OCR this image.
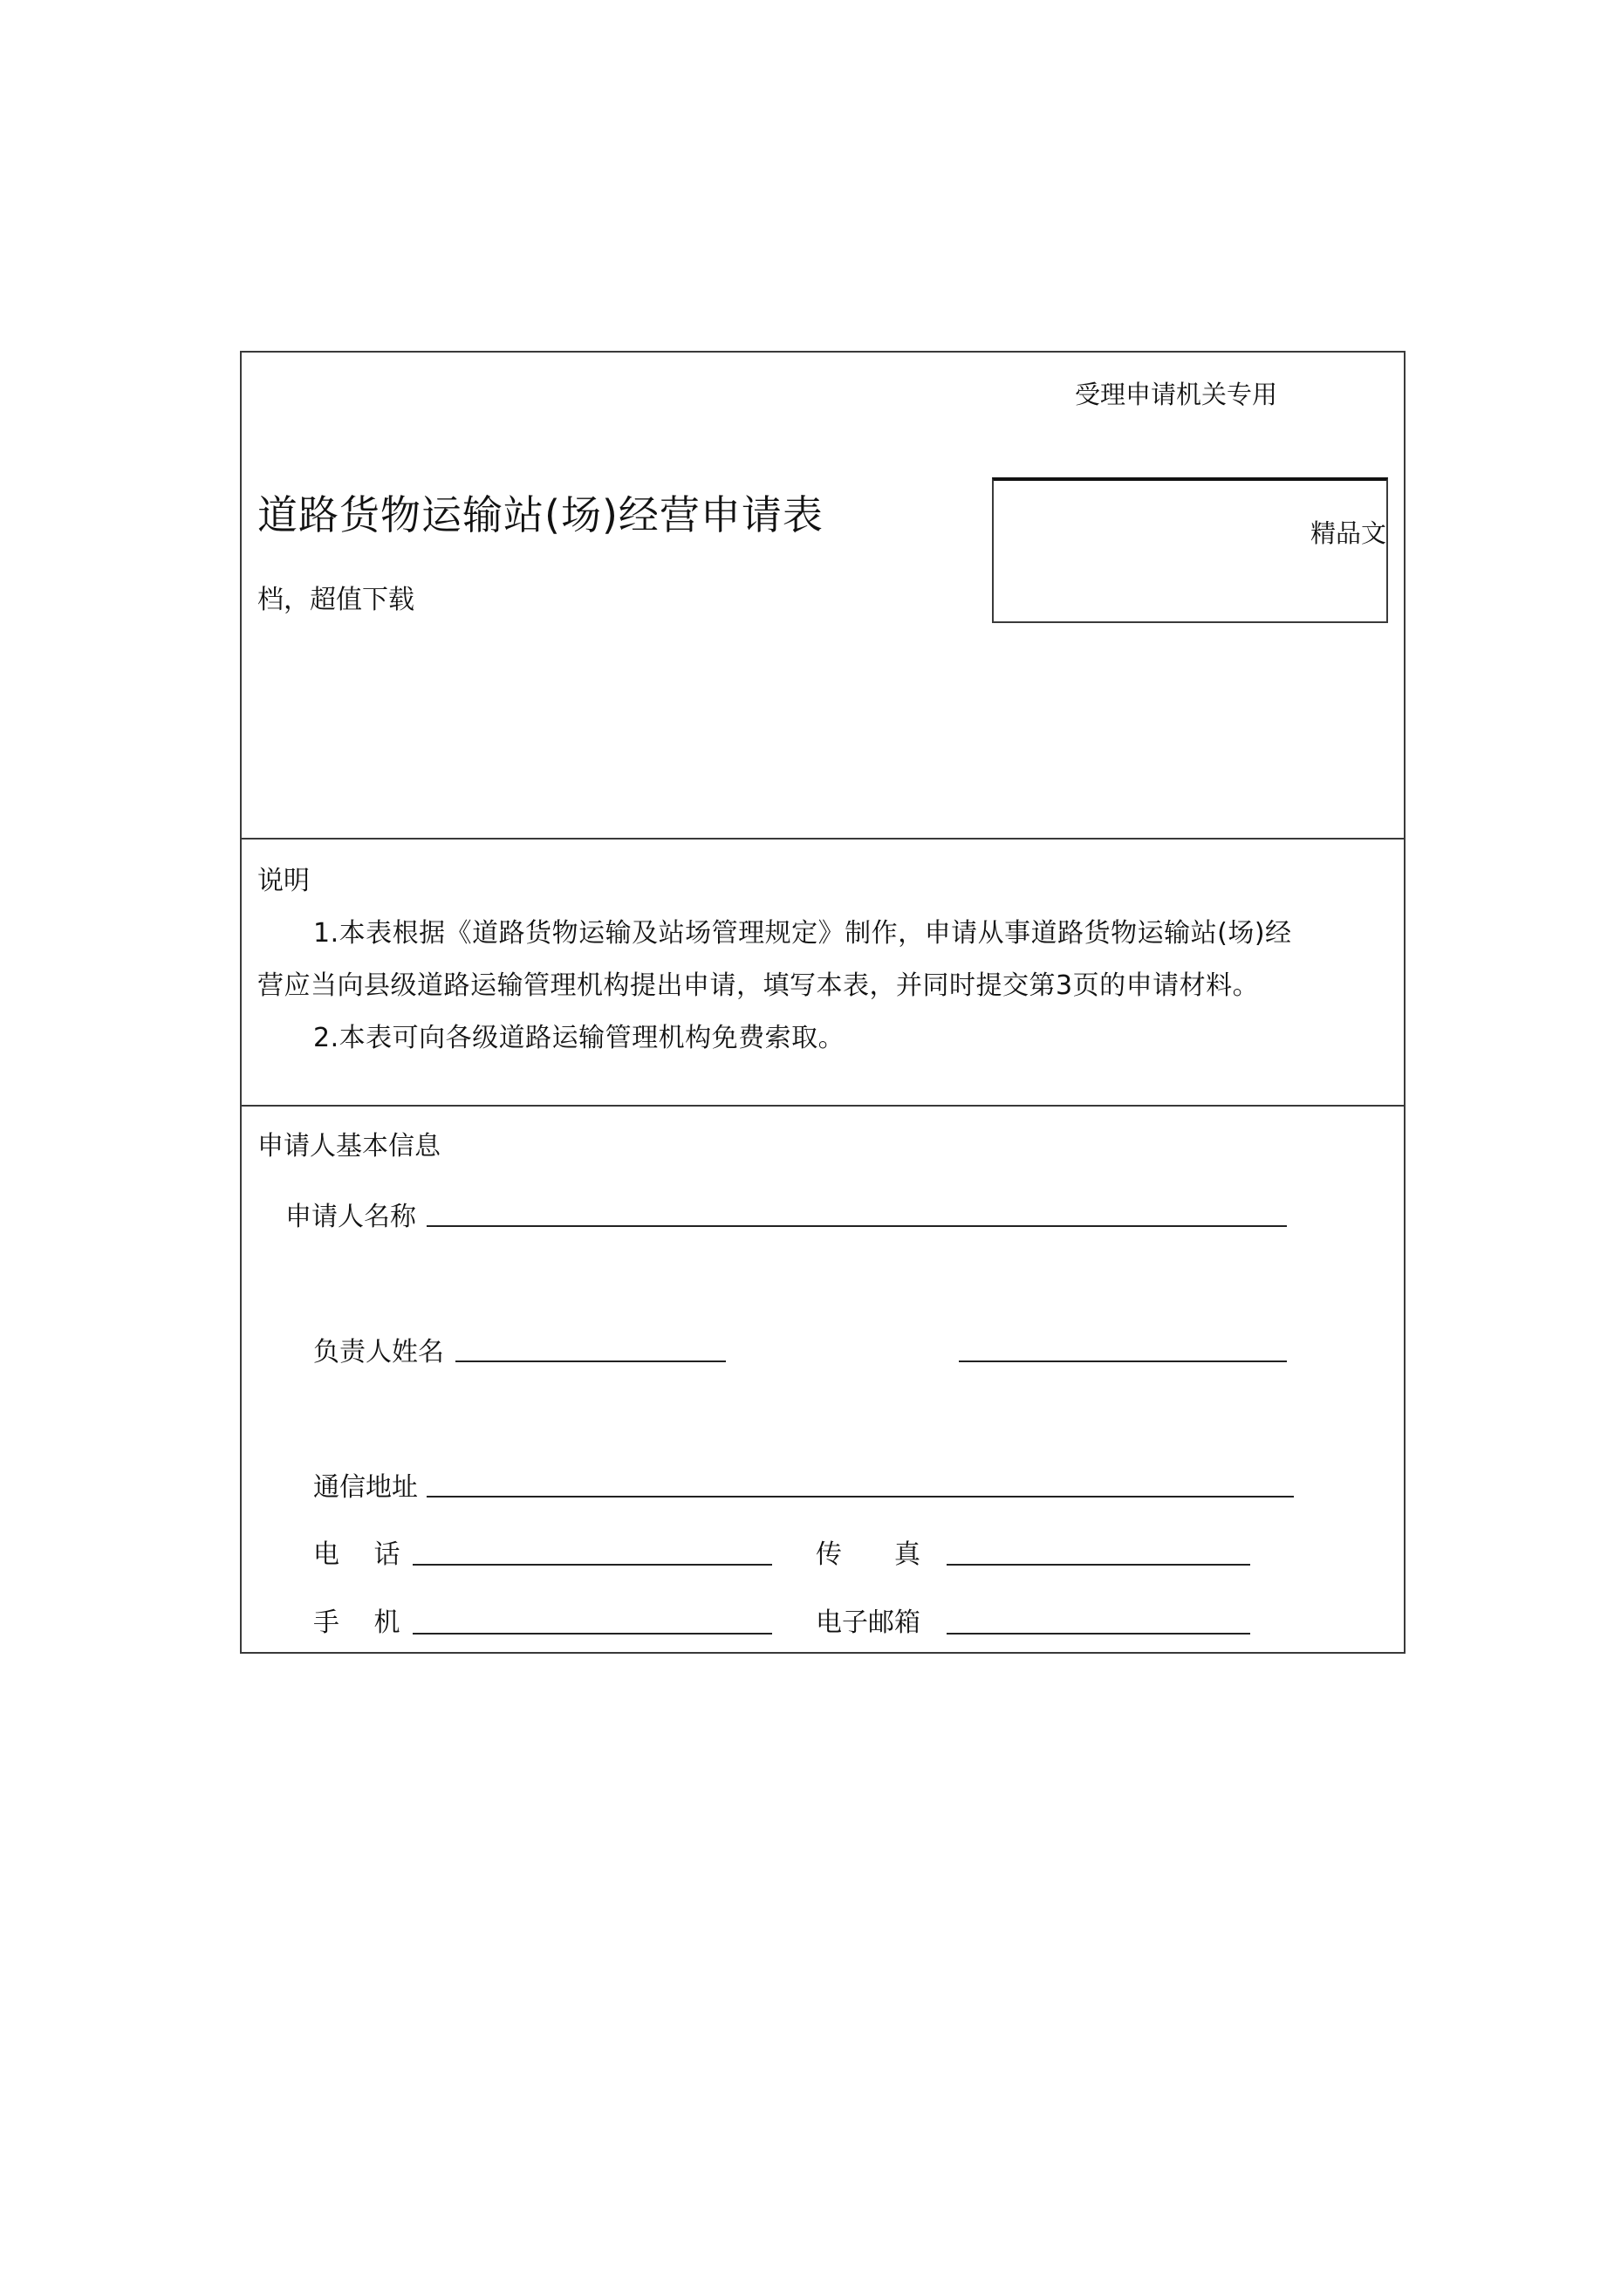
受理申请机关专用
精品文
道路货物运输站(场)经营申请表
档，超值下载
说明
1.本表根据《道路货物运输及站场管理规定》制作，申请从事道路货物运输站(场)经
营应当向县级道路运输管理机构提出申请，填写本表，并同时提交第3页的申请材料。
2.本表可向各级道路运输管理机构免费索取。
申请人基本信息
申请人名称
负责人姓名
通信地址
电　 话	传　　真
手　 机	电子邮箱
